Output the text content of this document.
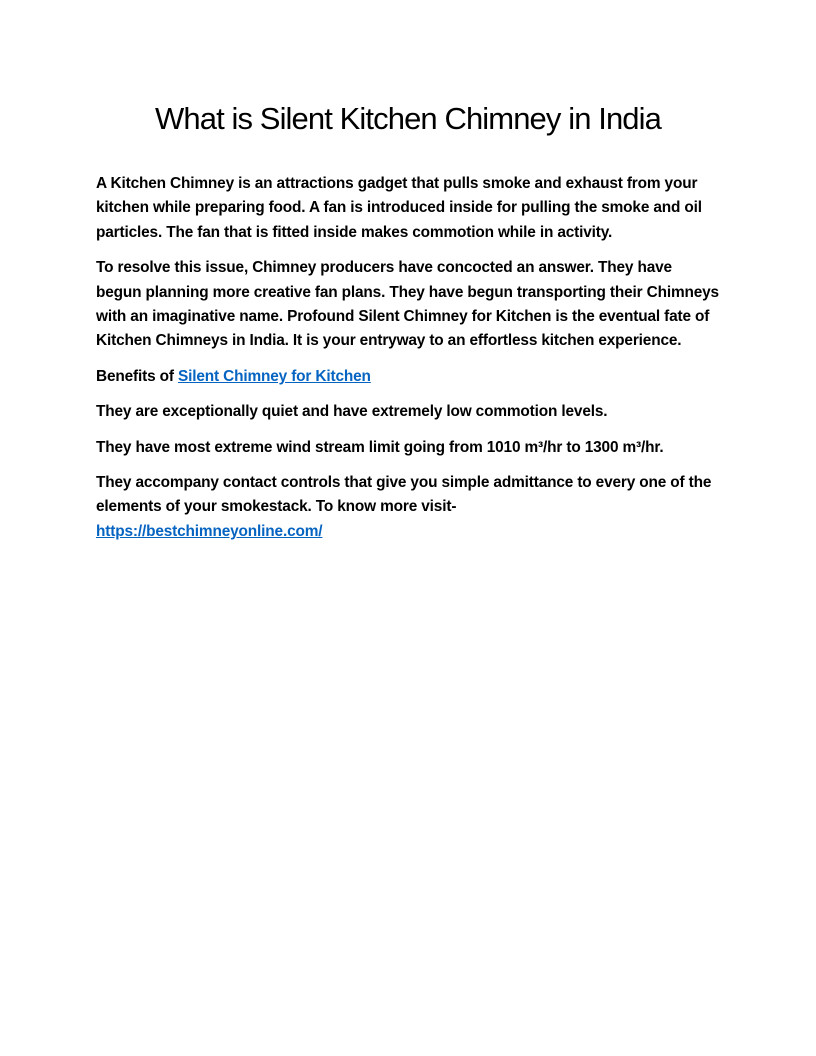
What is Silent Kitchen Chimney in India

A Kitchen Chimney is an attractions gadget that pulls smoke and exhaust from your kitchen while preparing food. A fan is introduced inside for pulling the smoke and oil particles. The fan that is fitted inside makes commotion while in activity.

To resolve this issue, Chimney producers have concocted an answer. They have begun planning more creative fan plans. They have begun transporting their Chimneys with an imaginative name. Profound Silent Chimney for Kitchen is the eventual fate of Kitchen Chimneys in India. It is your entryway to an effortless kitchen experience.

Benefits of Silent Chimney for Kitchen

They are exceptionally quiet and have extremely low commotion levels.

They have most extreme wind stream limit going from 1010 m³/hr to 1300 m³/hr.

They accompany contact controls that give you simple admittance to every one of the elements of your smokestack. To know more visit-
https://bestchimneyonline.com/
